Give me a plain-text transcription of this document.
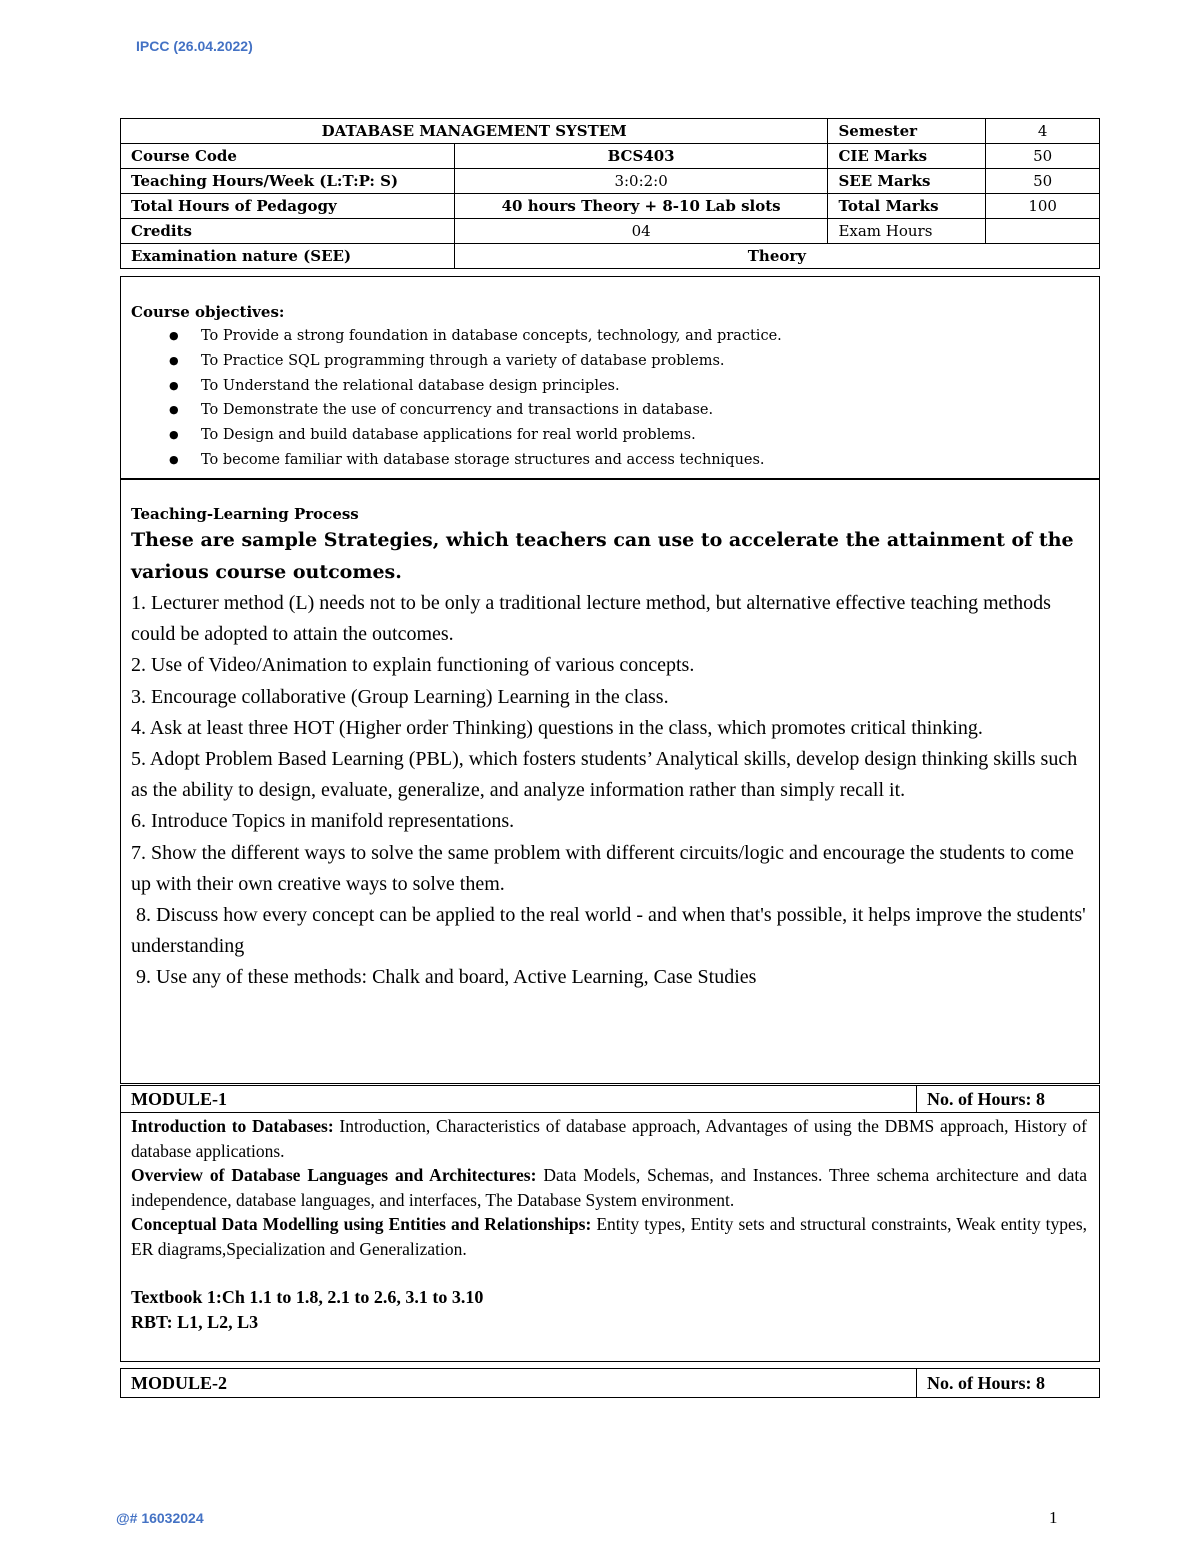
IPCC (26.04.2022)
DATABASE MANAGEMENT SYSTEM		Semester	4
Course Code	BCS403	CIE Marks	50
Teaching Hours/Week (L:T:P: S)	3:0:2:0	SEE Marks	50
Total Hours of Pedagogy	40 hours Theory + 8-10 Lab slots	Total Marks	100
Credits	04	Exam Hours	
Examination nature (SEE)	Theory		
Course objectives:
● To Provide a strong foundation in database concepts, technology, and practice.
● To Practice SQL programming through a variety of database problems.
● To Understand the relational database design principles.
● To Demonstrate the use of concurrency and transactions in database.
● To Design and build database applications for real world problems.
● To become familiar with database storage structures and access techniques.
Teaching-Learning Process
These are sample Strategies, which teachers can use to accelerate the attainment of the various course outcomes.
1. Lecturer method (L) needs not to be only a traditional lecture method, but alternative effective teaching methods could be adopted to attain the outcomes.
2. Use of Video/Animation to explain functioning of various concepts.
3. Encourage collaborative (Group Learning) Learning in the class.
4. Ask at least three HOT (Higher order Thinking) questions in the class, which promotes critical thinking.
5. Adopt Problem Based Learning (PBL), which fosters students’ Analytical skills, develop design thinking skills such as the ability to design, evaluate, generalize, and analyze information rather than simply recall it.
6. Introduce Topics in manifold representations.
7. Show the different ways to solve the same problem with different circuits/logic and encourage the students to come up with their own creative ways to solve them.
8. Discuss how every concept can be applied to the real world - and when that's possible, it helps improve the students' understanding
9. Use any of these methods: Chalk and board, Active Learning, Case Studies
MODULE-1	No. of Hours: 8

Introduction to Databases: Introduction, Characteristics of database approach, Advantages of using the DBMS approach, History of database applications.

Overview of Database Languages and Architectures: Data Models, Schemas, and Instances. Three schema architecture and data independence, database languages, and interfaces, The Database System environment.

Conceptual Data Modelling using Entities and Relationships: Entity types, Entity sets and structural constraints, Weak entity types, ER diagrams,Specialization and Generalization.

Textbook 1:Ch 1.1 to 1.8, 2.1 to 2.6, 3.1 to 3.10

RBT: L1, L2, L3

MODULE-2	No. of Hours: 8
@# 16032024	1
